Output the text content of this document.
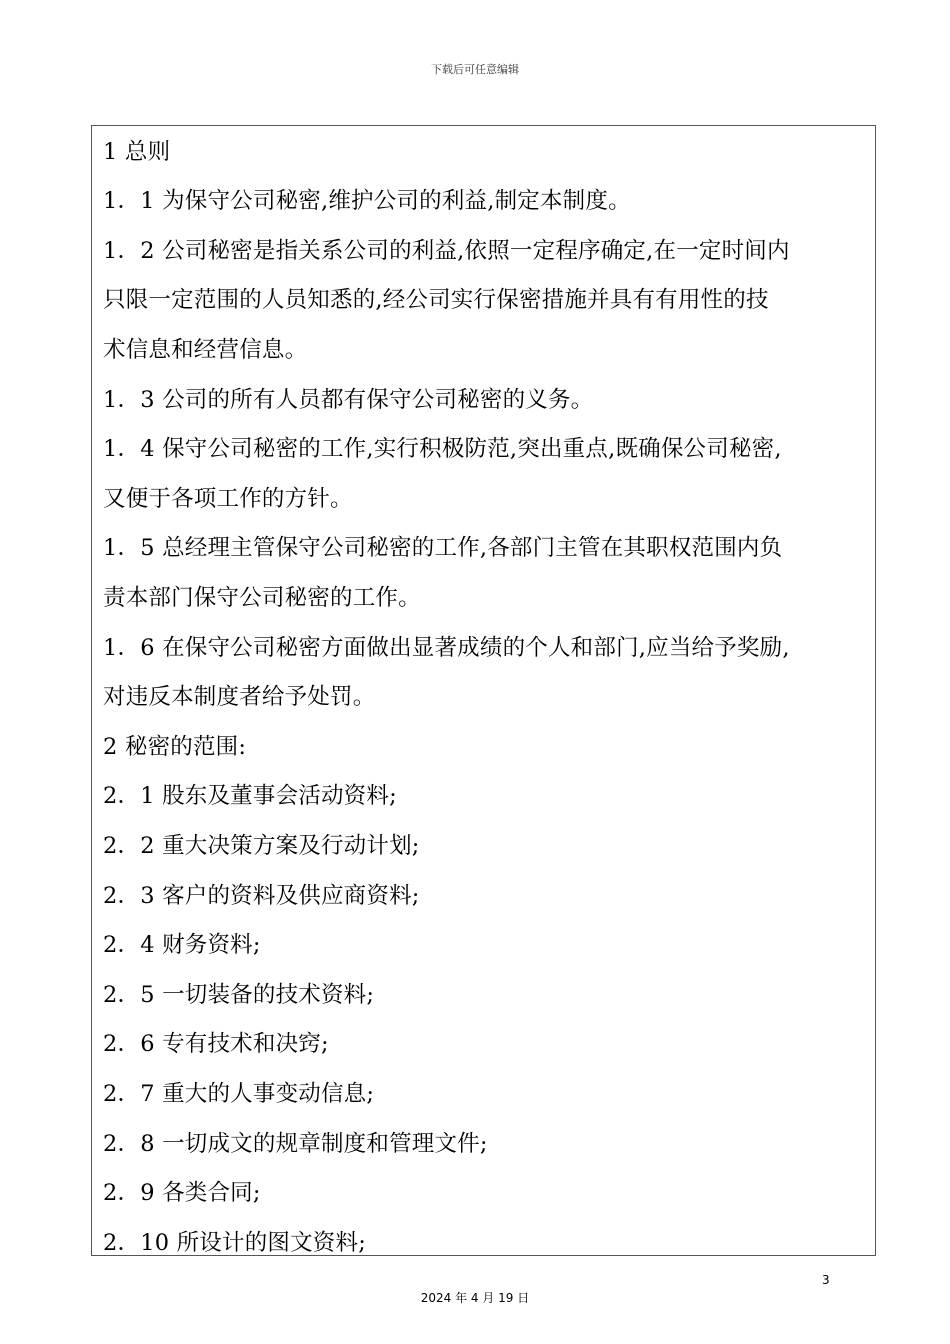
下载后可任意编辑
1 总则
1．1 为保守公司秘密,维护公司的利益,制定本制度。
1．2 公司秘密是指关系公司的利益,依照一定程序确定,在一定时间内
只限一定范围的人员知悉的,经公司实行保密措施并具有有用性的技
术信息和经营信息。
1．3 公司的所有人员都有保守公司秘密的义务。
1．4 保守公司秘密的工作,实行积极防范,突出重点,既确保公司秘密,
又便于各项工作的方针。
1．5 总经理主管保守公司秘密的工作,各部门主管在其职权范围内负
责本部门保守公司秘密的工作。
1．6 在保守公司秘密方面做出显著成绩的个人和部门,应当给予奖励,
对违反本制度者给予处罚。
2 秘密的范围:
2．1 股东及董事会活动资料;
2．2 重大决策方案及行动计划;
2．3 客户的资料及供应商资料;
2．4 财务资料;
2．5 一切装备的技术资料;
2．6 专有技术和决窍;
2．7 重大的人事变动信息;
2．8 一切成文的规章制度和管理文件;
2．9 各类合同;
2．10 所设计的图文资料;
3
2024 年 4 月 19 日
